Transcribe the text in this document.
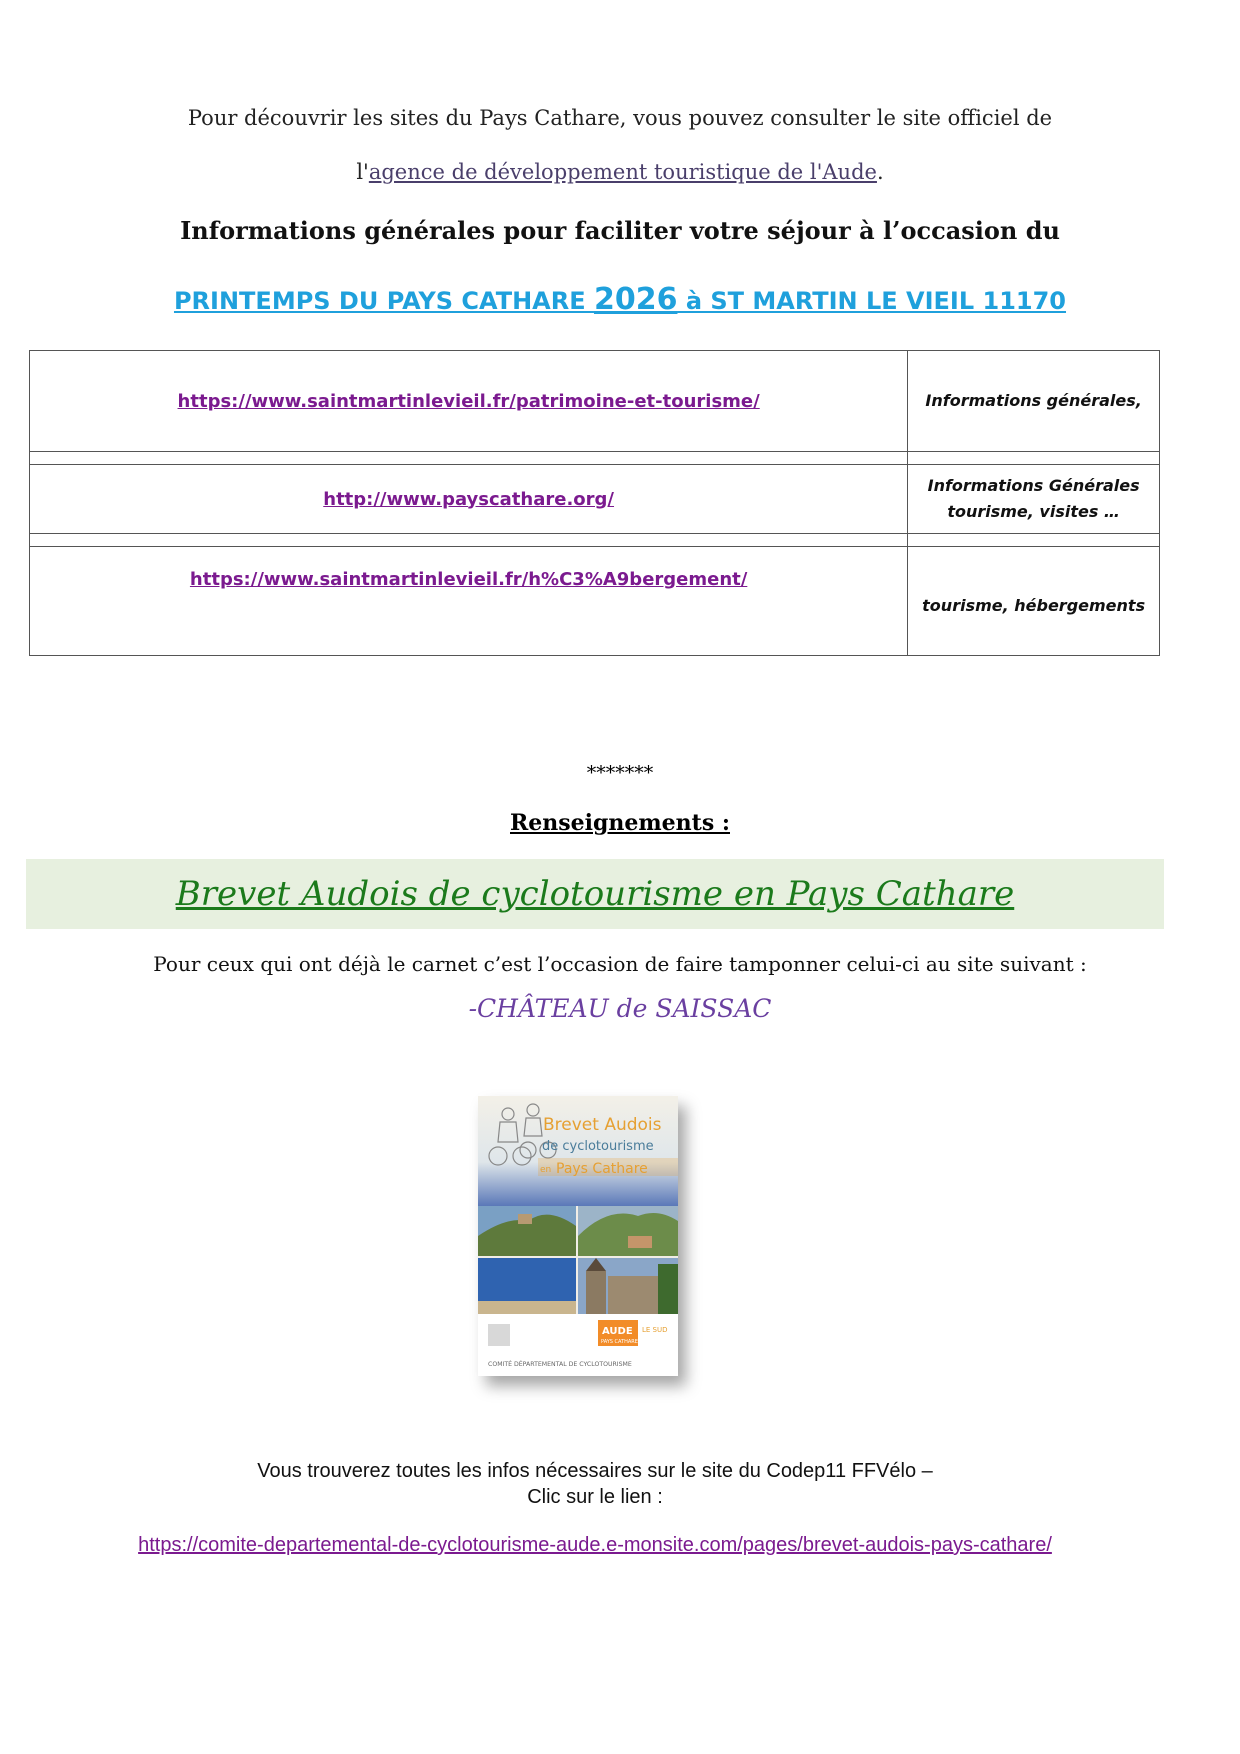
Pour découvrir les sites du Pays Cathare, vous pouvez consulter le site officiel de
l'agence de développement touristique de l'Aude.
Informations générales pour faciliter votre séjour à l’occasion du
PRINTEMPS DU PAYS CATHARE 2026 à ST MARTIN LE VIEIL 11170
https://www.saintmartinlevieil.fr/patrimoine-et-tourisme/	Informations générales,

http://www.payscathare.org/	Informations Générales
tourisme, visites …

https://www.saintmartinlevieil.fr/h%C3%A9bergement/	tourisme, hébergements
*******
Renseignements :
Brevet Audois de cyclotourisme en Pays Cathare
Pour ceux qui ont déjà le carnet c’est l’occasion de faire tamponner celui-ci au site suivant :
-CHÂTEAU de SAISSAC
Brevet Audois
de cyclotourisme
en Pays Cathare
AUDE
PAYS CATHARE
LE SUD
COMITÉ DÉPARTEMENTAL DE CYCLOTOURISME
Vous trouverez toutes les infos nécessaires sur le site du Codep11 FFVélo –
Clic sur le lien :
https://comite-departemental-de-cyclotourisme-aude.e-monsite.com/pages/brevet-audois-pays-cathare/
